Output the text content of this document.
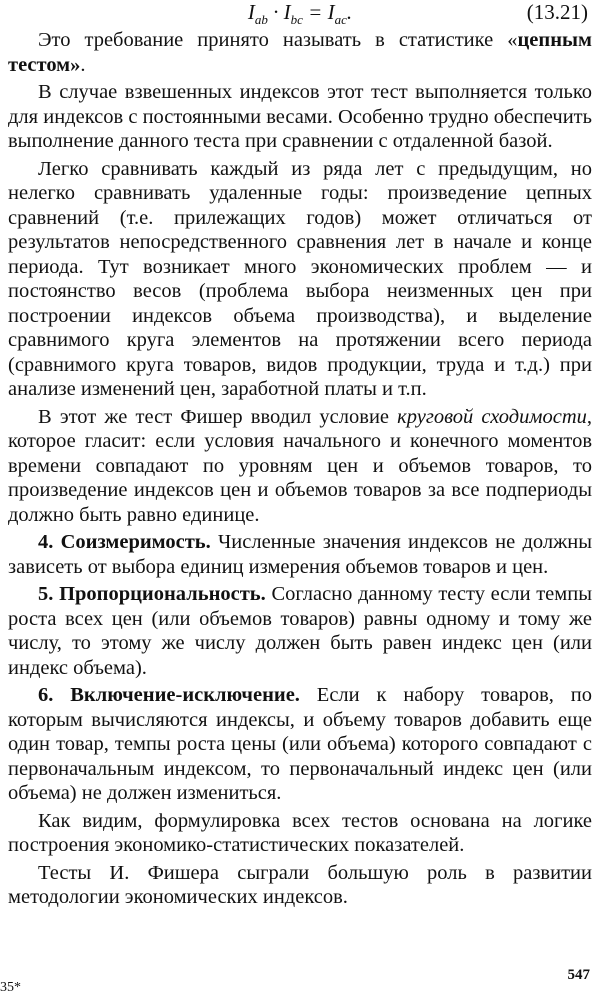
$I_{ab} \cdot I_{bc} = I_{ac}$.	(13.21)

Это требование принято называть в статистике «цепным тестом».

В случае взвешенных индексов этот тест выполняется только для индексов с постоянными весами. Особенно трудно обеспечить выполнение данного теста при сравнении с отдаленной базой.

Легко сравнивать каждый из ряда лет с предыдущим, но нелегко сравнивать удаленные годы: произведение цепных сравнений (т.е. прилежащих годов) может отличаться от результатов непосредственного сравнения лет в начале и конце периода. Тут возникает много экономических проблем — и постоянство весов (проблема выбора неизменных цен при построении индексов объема производства), и выделение сравнимого круга элементов на протяжении всего периода (сравнимого круга товаров, видов продукции, труда и т.д.) при анализе изменений цен, заработной платы и т.п.

В этот же тест Фишер вводил условие круговой сходимости, которое гласит: если условия начального и конечного моментов времени совпадают по уровням цен и объемов товаров, то произведение индексов цен и объемов товаров за все подпериоды должно быть равно единице.

4. Соизмеримость. Численные значения индексов не должны зависеть от выбора единиц измерения объемов товаров и цен.

5. Пропорциональность. Согласно данному тесту если темпы роста всех цен (или объемов товаров) равны одному и тому же числу, то этому же числу должен быть равен индекс цен (или индекс объема).

6. Включение-исключение. Если к набору товаров, по которым вычисляются индексы, и объему товаров добавить еще один товар, темпы роста цены (или объема) которого совпадают с первоначальным индексом, то первоначальный индекс цен (или объема) не должен измениться.

Как видим, формулировка всех тестов основана на логике построения экономико-статистических показателей.

Тесты И. Фишера сыграли большую роль в развитии методологии экономических индексов.

547
35*
